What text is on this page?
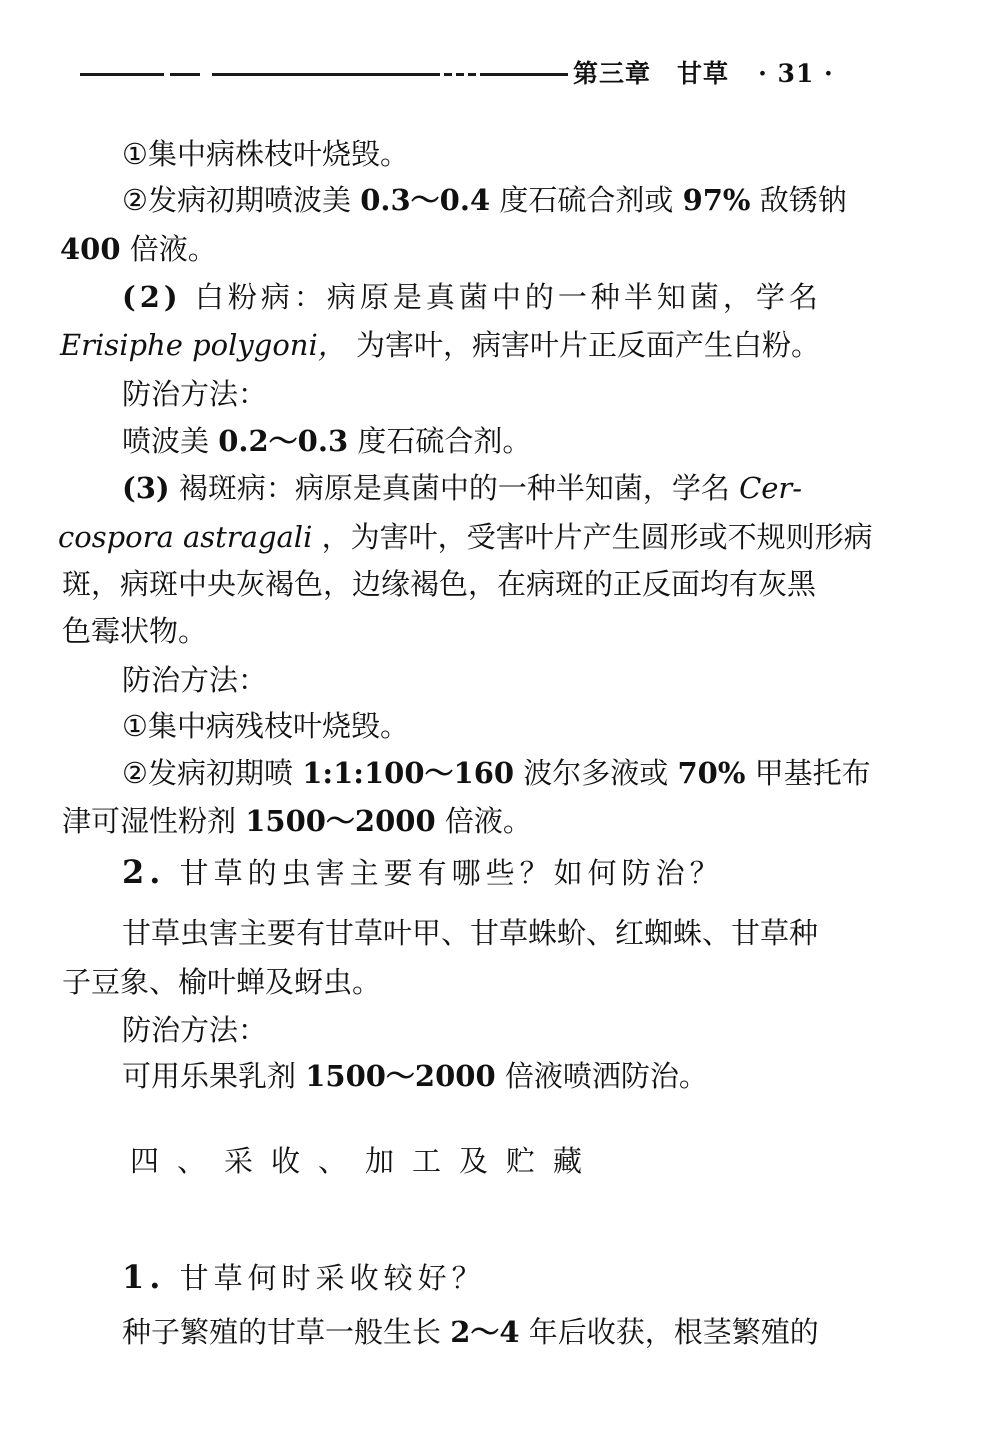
第三章　甘草 · 31 ·
①集中病株枝叶烧毁。
②发病初期喷波美 0.3～0.4 度石硫合剂或 97% 敌锈钠
400 倍液。
(2) 白粉病：病原是真菌中的一种半知菌，学名
Erisiphe polygoni， 为害叶，病害叶片正反面产生白粉。
防治方法：
喷波美 0.2～0.3 度石硫合剂。
(3) 褐斑病：病原是真菌中的一种半知菌，学名 Cer-
cospora astragali ，为害叶，受害叶片产生圆形或不规则形病
斑，病斑中央灰褐色，边缘褐色，在病斑的正反面均有灰黑
色霉状物。
防治方法：
①集中病残枝叶烧毁。
②发病初期喷 1:1:100～160 波尔多液或 70% 甲基托布
津可湿性粉剂 1500～2000 倍液。
2. 甘草的虫害主要有哪些？如何防治？
甘草虫害主要有甘草叶甲、甘草蛛蚧、红蜘蛛、甘草种
子豆象、榆叶蝉及蚜虫。
防治方法：
可用乐果乳剂 1500～2000 倍液喷洒防治。
四、采收、加工及贮藏
1. 甘草何时采收较好？
种子繁殖的甘草一般生长 2～4 年后收获，根茎繁殖的
